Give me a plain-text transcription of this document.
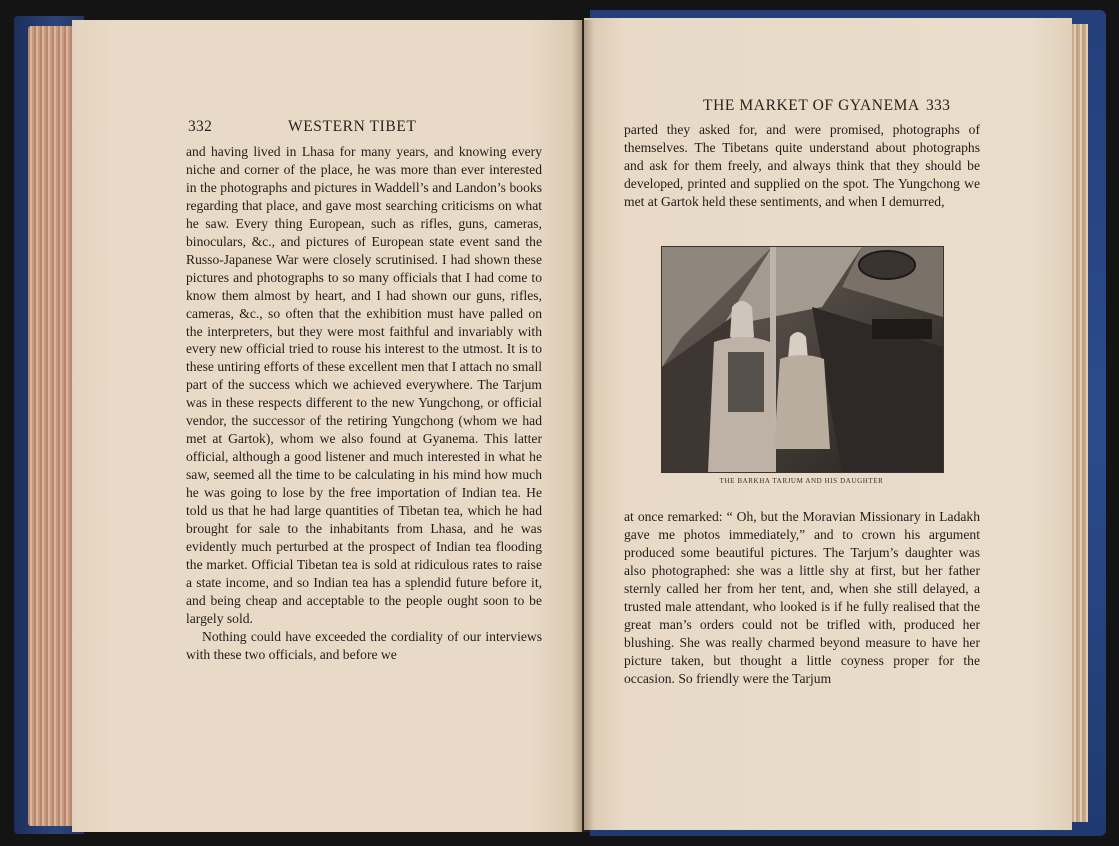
332	WESTERN TIBET

and having lived in Lhasa for many years, and knowing every niche and corner of the place, he was more than ever interested in the photographs and pictures in Waddell’s and Landon’s books regarding that place, and gave most searching criticisms on what he saw. Every thing European, such as rifles, guns, cameras, binoculars, &c., and pictures of European state event sand the Russo-Japanese War were closely scrutinised. I had shown these pictures and photographs to so many officials that I had come to know them almost by heart, and I had shown our guns, rifles, cameras, &c., so often that the exhibition must have palled on the interpreters, but they were most faithful and invariably with every new official tried to rouse his interest to the utmost. It is to these untiring efforts of these excellent men that I attach no small part of the success which we achieved everywhere. The Tarjum was in these respects different to the new Yungchong, or official vendor, the successor of the retiring Yungchong (whom we had met at Gartok), whom we also found at Gyanema. This latter official, although a good listener and much interested in what he saw, seemed all the time to be calculating in his mind how much he was going to lose by the free importation of Indian tea. He told us that he had large quantities of Tibetan tea, which he had brought for sale to the inhabitants from Lhasa, and he was evidently much perturbed at the prospect of Indian tea flooding the market. Official Tibetan tea is sold at ridiculous rates to raise a state income, and so Indian tea has a splendid future before it, and being cheap and acceptable to the people ought soon to be largely sold.

Nothing could have exceeded the cordiality of our interviews with these two officials, and before we

THE MARKET OF GYANEMA 333

parted they asked for, and were promised, photographs of themselves. The Tibetans quite understand about photographs and ask for them freely, and always think that they should be developed, printed and supplied on the spot. The Yungchong we met at Gartok held these sentiments, and when I demurred,

THE BARKHA TARJUM AND HIS DAUGHTER

at once remarked: “ Oh, but the Moravian Missionary in Ladakh gave me photos immediately,” and to crown his argument produced some beautiful pictures. The Tarjum’s daughter was also photographed: she was a little shy at first, but her father sternly called her from her tent, and, when she still delayed, a trusted male attendant, who looked is if he fully realised that the great man’s orders could not be trifled with, produced her blushing. She was really charmed beyond measure to have her picture taken, but thought a little coyness proper for the occasion. So friendly were the Tarjum
